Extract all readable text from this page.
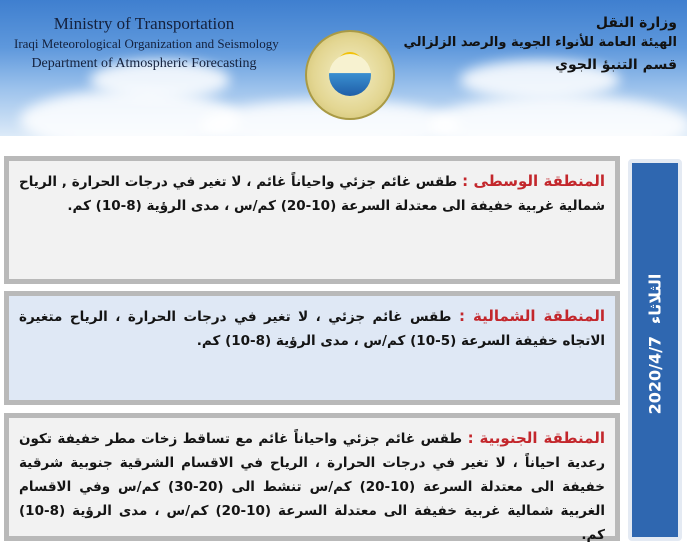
Ministry of Transportation
Iraqi Meteorological Organization and Seismology
Department of Atmospheric Forecasting
وزارة النقل
الهيئة العامة للأنواء الجوية والرصد الزلزالي
قسم التنبؤ الجوي

المنطقة الوسطى : طقس غائم جزئي واحياناً غائم ، لا تغير في درجات الحرارة , الرياح شمالية غربية خفيفة الى معتدلة السرعة (10-20) كم/س ، مدى الرؤية (8-10) كم.

المنطقة الشمالية : طقس غائم جزئي ، لا تغير في درجات الحرارة ، الرياح متغيرة الاتجاه خفيفة السرعة (5-10) كم/س ، مدى الرؤية (8-10) كم.

المنطقة الجنوبية : طقس غائم جزئي واحياناً غائم مع تساقط زخات مطر خفيفة تكون رعدية احياناً ، لا تغير في درجات الحرارة ، الرياح في الاقسام الشرقية جنوبية شرقية خفيفة الى معتدلة السرعة (10-20) كم/س تنشط الى (20-30) كم/س وفي الاقسام الغربية شمالية غربية خفيفة الى معتدلة السرعة (10-20) كم/س ، مدى الرؤية (8-10) كم.

الثلاثاء2020/4/7
